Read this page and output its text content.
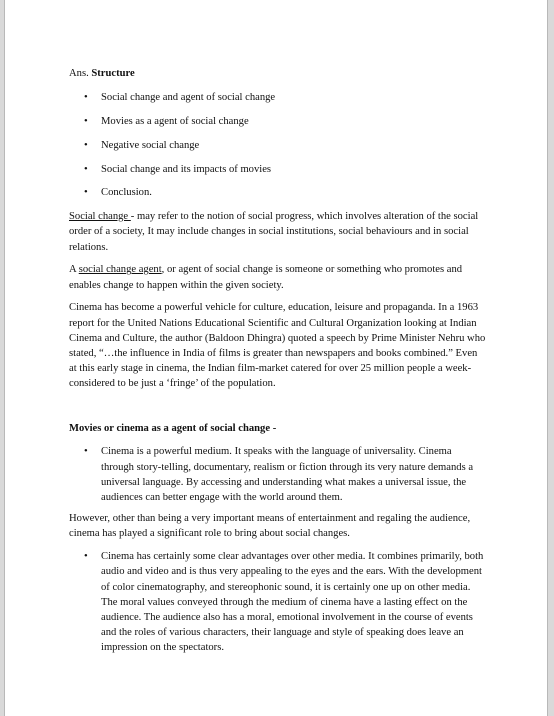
Ans. Structure

• Social change and agent of social change
• Movies as a agent of social change
• Negative social change
• Social change and its impacts of movies
• Conclusion.

Social change - may refer to the notion of social progress, which involves alteration of the social order of a society, It may include changes in social institutions, social behaviours and in social relations.

A social change agent, or agent of social change is someone or something who promotes and enables change to happen within the given society.

Cinema has become a powerful vehicle for culture, education, leisure and propaganda. In a 1963 report for the United Nations Educational Scientific and Cultural Organization looking at Indian Cinema and Culture, the author (Baldoon Dhingra) quoted a speech by Prime Minister Nehru who stated, “…the influence in India of films is greater than newspapers and books combined.” Even at this early stage in cinema, the Indian film-market catered for over 25 million people a week- considered to be just a ‘fringe’ of the population.

Movies or cinema as a agent of social change -

• Cinema is a powerful medium. It speaks with the language of universality. Cinema through story-telling, documentary, realism or fiction through its very nature demands a universal language. By accessing and understanding what makes a universal issue, the audiences can better engage with the world around them.

However, other than being a very important means of entertainment and regaling the audience, cinema has played a significant role to bring about social changes.

• Cinema has certainly some clear advantages over other media. It combines primarily, both audio and video and is thus very appealing to the eyes and the ears. With the development of color cinematography, and stereophonic sound, it is certainly one up on other media. The moral values conveyed through the medium of cinema have a lasting effect on the audience. The audience also has a moral, emotional involvement in the course of events and the roles of various characters, their language and style of speaking does leave an impression on the spectators.
